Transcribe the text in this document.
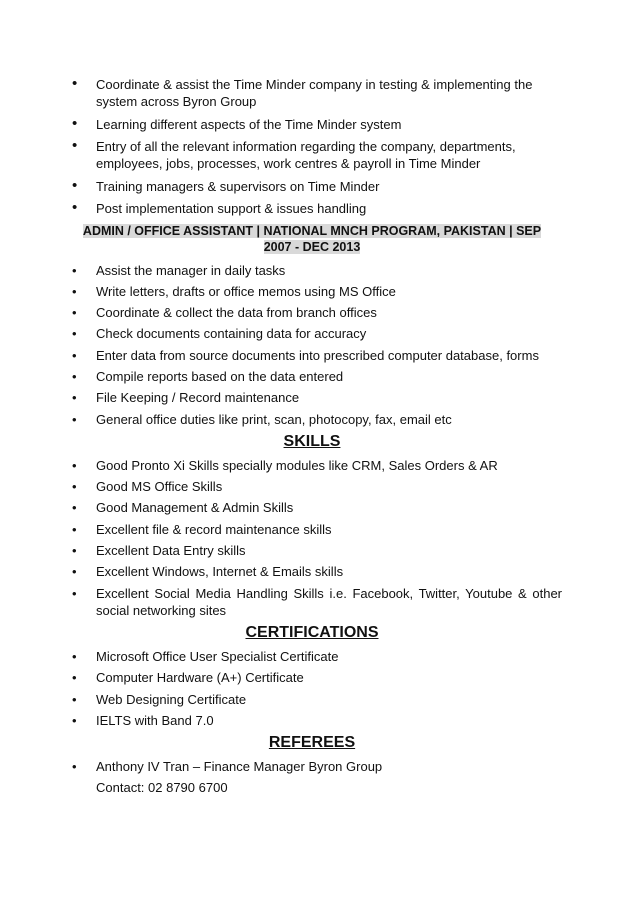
• Coordinate & assist the Time Minder company in testing & implementing the system across Byron Group
• Learning different aspects of the Time Minder system
• Entry of all the relevant information regarding the company, departments, employees, jobs, processes, work centres & payroll in Time Minder
• Training managers & supervisors on Time Minder
• Post implementation support & issues handling
ADMIN / OFFICE ASSISTANT | NATIONAL MNCH PROGRAM, PAKISTAN | SEP
2007 - DEC 2013
• Assist the manager in daily tasks
• Write letters, drafts or office memos using MS Office
• Coordinate & collect the data from branch offices
• Check documents containing data for accuracy
• Enter data from source documents into prescribed computer database, forms
• Compile reports based on the data entered
• File Keeping / Record maintenance
• General office duties like print, scan, photocopy, fax, email etc
SKILLS
• Good Pronto Xi Skills specially modules like CRM, Sales Orders & AR
• Good MS Office Skills
• Good Management & Admin Skills
• Excellent file & record maintenance skills
• Excellent Data Entry skills
• Excellent Windows, Internet & Emails skills
• Excellent Social Media Handling Skills i.e. Facebook, Twitter, Youtube & other social networking sites
CERTIFICATIONS
• Microsoft Office User Specialist Certificate
• Computer Hardware (A+) Certificate
• Web Designing Certificate
• IELTS with Band 7.0
REFEREES
• Anthony IV Tran – Finance Manager Byron Group
Contact: 02 8790 6700
